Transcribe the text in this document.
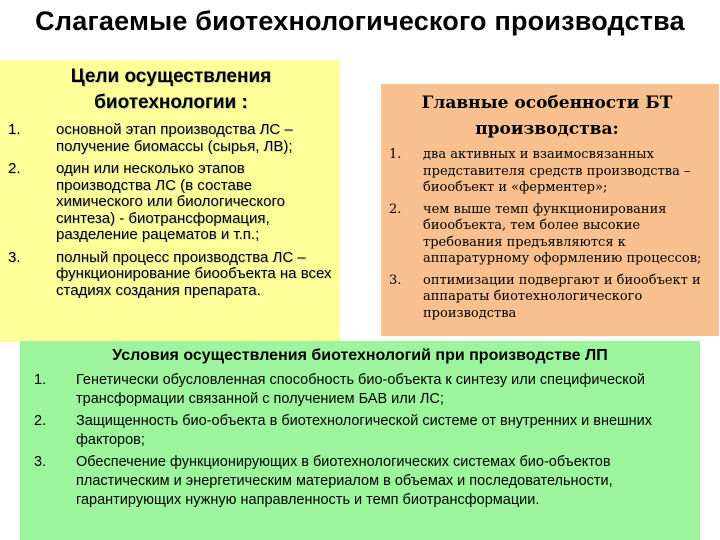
Слагаемые биотехнологического производства
Цели осуществления
биотехнологии :
1.	основной этап производства ЛС – получение биомассы (сырья, ЛВ);
2.	один или несколько этапов производства ЛС (в составе химического или биологического синтеза) - биотрансформация, разделение рацематов и т.п.;
3.	полный процесс производства ЛС – функционирование биообъекта на всех стадиях создания препарата.
Главные особенности БТ
производства:
1.	два активных и взаимосвязанных представителя средств производства – биообъект и «ферментер»;
2.	чем выше темп функционирования биообъекта, тем более высокие требования предъявляются к аппаратурному оформлению процессов;
3.	оптимизации подвергают и биообъект и аппараты биотехнологического производства
Условия осуществления биотехнологий при производстве ЛП
1.	Генетически обусловленная способность био-объекта к синтезу или специфической трансформации связанной с получением БАВ или ЛС;
2.	Защищенность био-объекта в биотехнологической системе от внутренних и внешних факторов;
3.	Обеспечение функционирующих в биотехнологических системах био-объектов пластическим и энергетическим материалом в объемах и последовательности, гарантирующих нужную направленность и темп биотрансформации.
